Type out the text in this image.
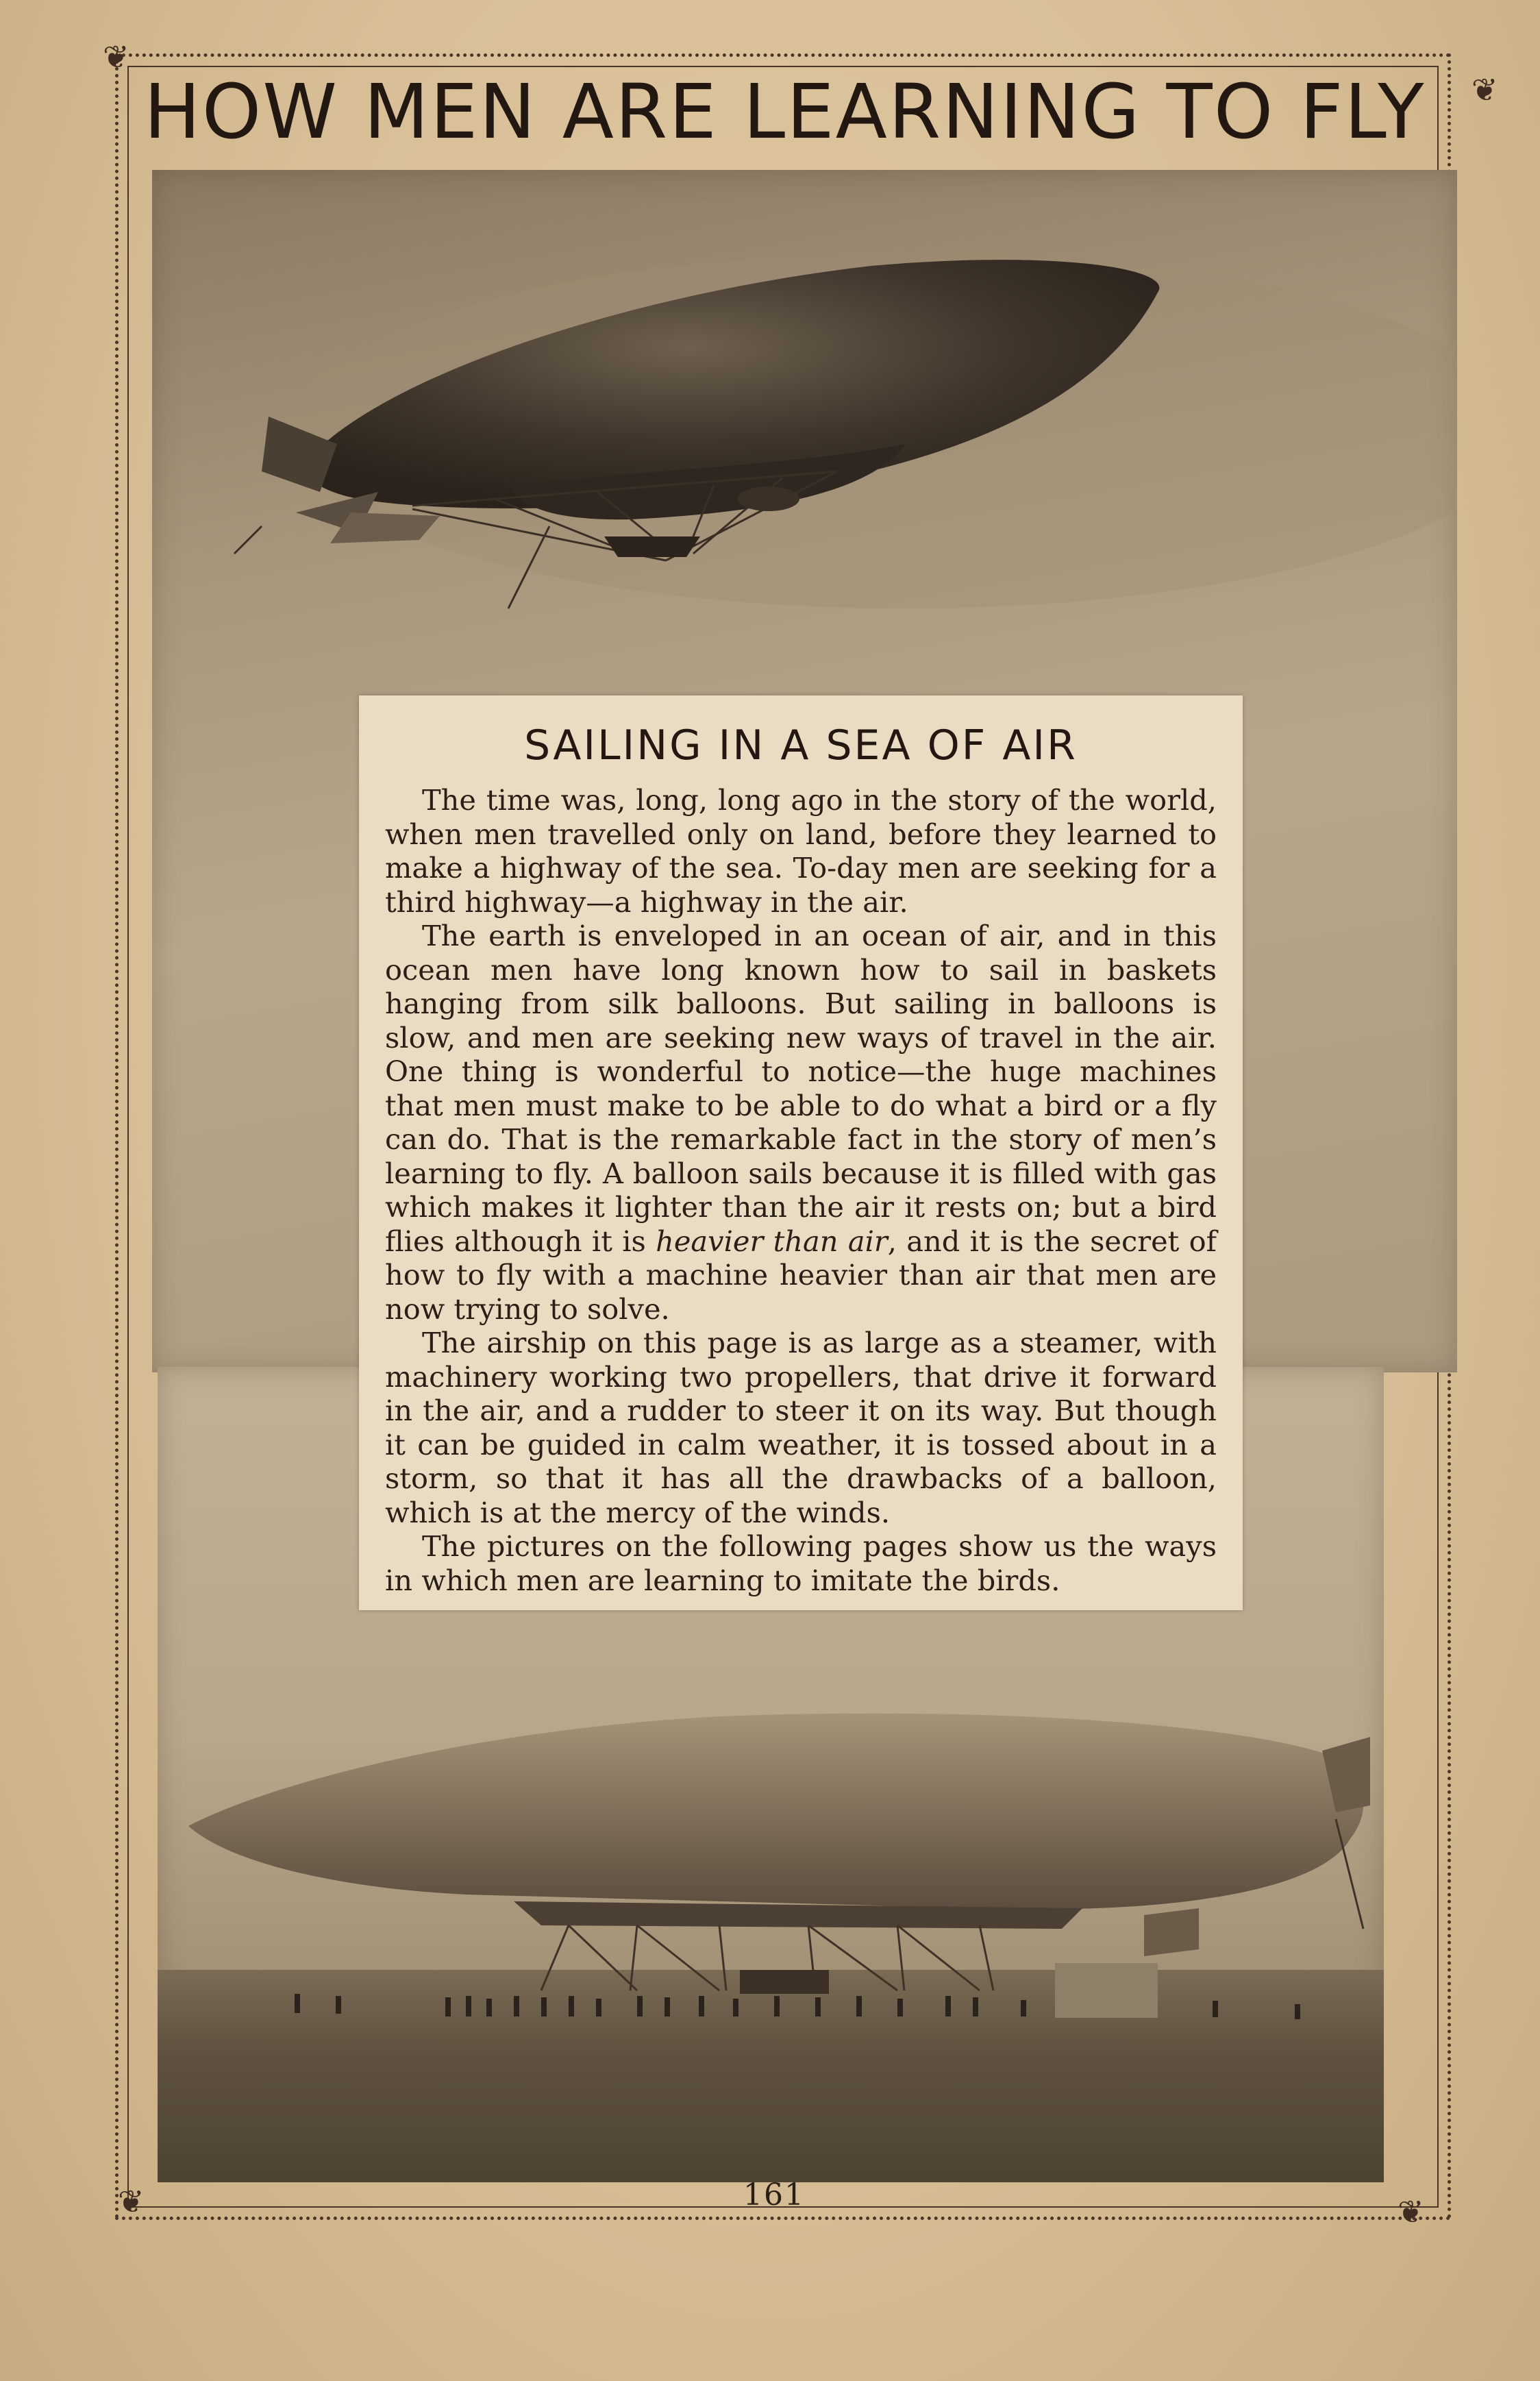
❦
❦
❦	❦
HOW MEN ARE LEARNING TO FLY
SAILING IN A SEA OF AIR

The time was, long, long ago in the story of the world, when men travelled only on land, before they learned to make a highway of the sea. To-day men are seeking for a third highway—a highway in the air.

The earth is enveloped in an ocean of air, and in this ocean men have long known how to sail in baskets hanging from silk balloons. But sailing in balloons is slow, and men are seeking new ways of travel in the air. One thing is wonderful to notice—the huge machines that men must make to be able to do what a bird or a fly can do. That is the remarkable fact in the story of men’s learning to fly. A balloon sails because it is filled with gas which makes it lighter than the air it rests on; but a bird flies although it is heavier than air, and it is the secret of how to fly with a machine heavier than air that men are now trying to solve.

The airship on this page is as large as a steamer, with machinery working two propellers, that drive it forward in the air, and a rudder to steer it on its way. But though it can be guided in calm weather, it is tossed about in a storm, so that it has all the drawbacks of a balloon, which is at the mercy of the winds.

The pictures on the following pages show us the ways in which men are learning to imitate the birds.

161
